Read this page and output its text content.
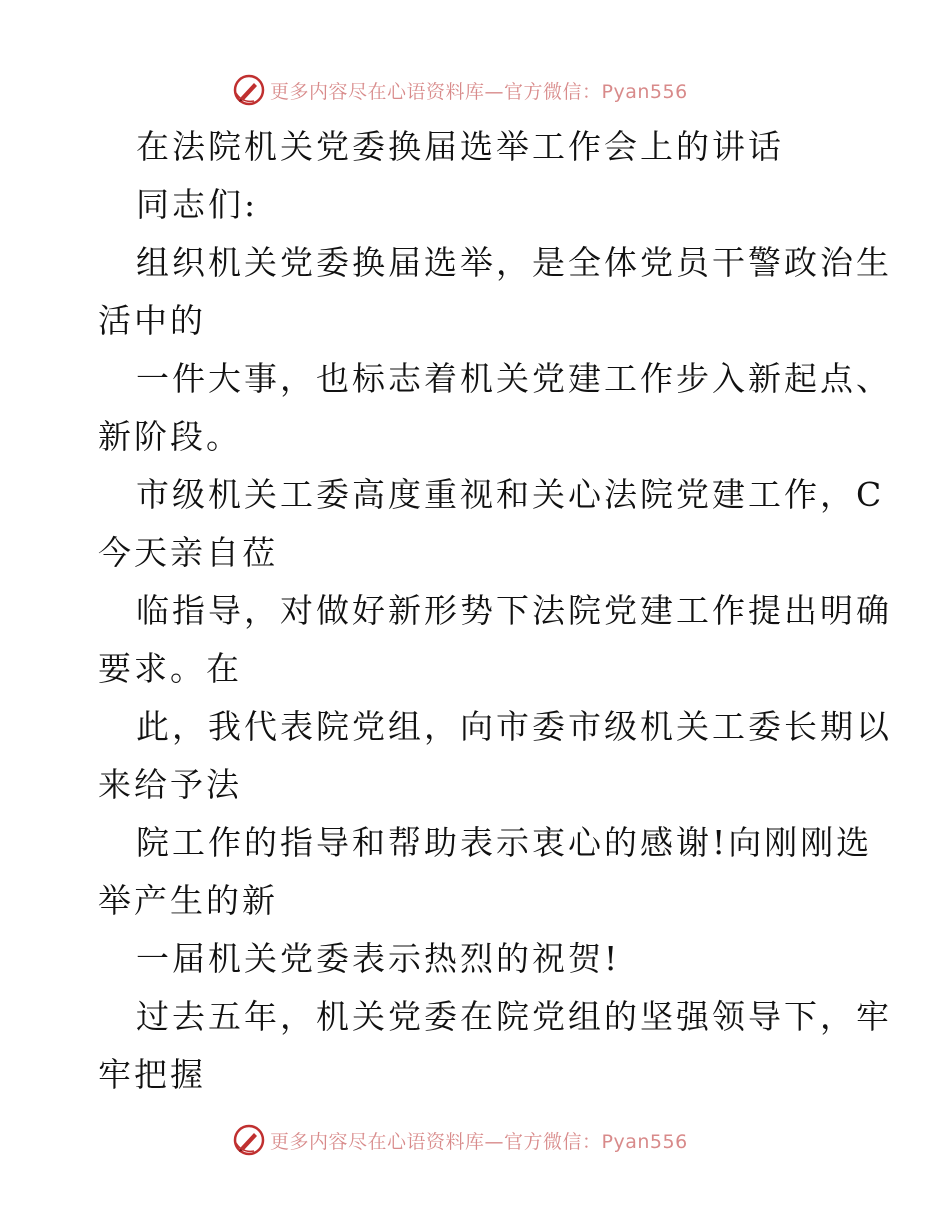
更多内容尽在心语资料库—官方微信：Pyan556
在法院机关党委换届选举工作会上的讲话
同志们:
组织机关党委换届选举，是全体党员干警政治生
活中的
一件大事，也标志着机关党建工作步入新起点、
新阶段。
市级机关工委高度重视和关心法院党建工作，C
今天亲自莅
临指导，对做好新形势下法院党建工作提出明确
要求。在
此，我代表院党组，向市委市级机关工委长期以
来给予法
院工作的指导和帮助表示衷心的感谢!向刚刚选
举产生的新
一届机关党委表示热烈的祝贺!
过去五年，机关党委在院党组的坚强领导下，牢
牢把握
更多内容尽在心语资料库—官方微信：Pyan556
